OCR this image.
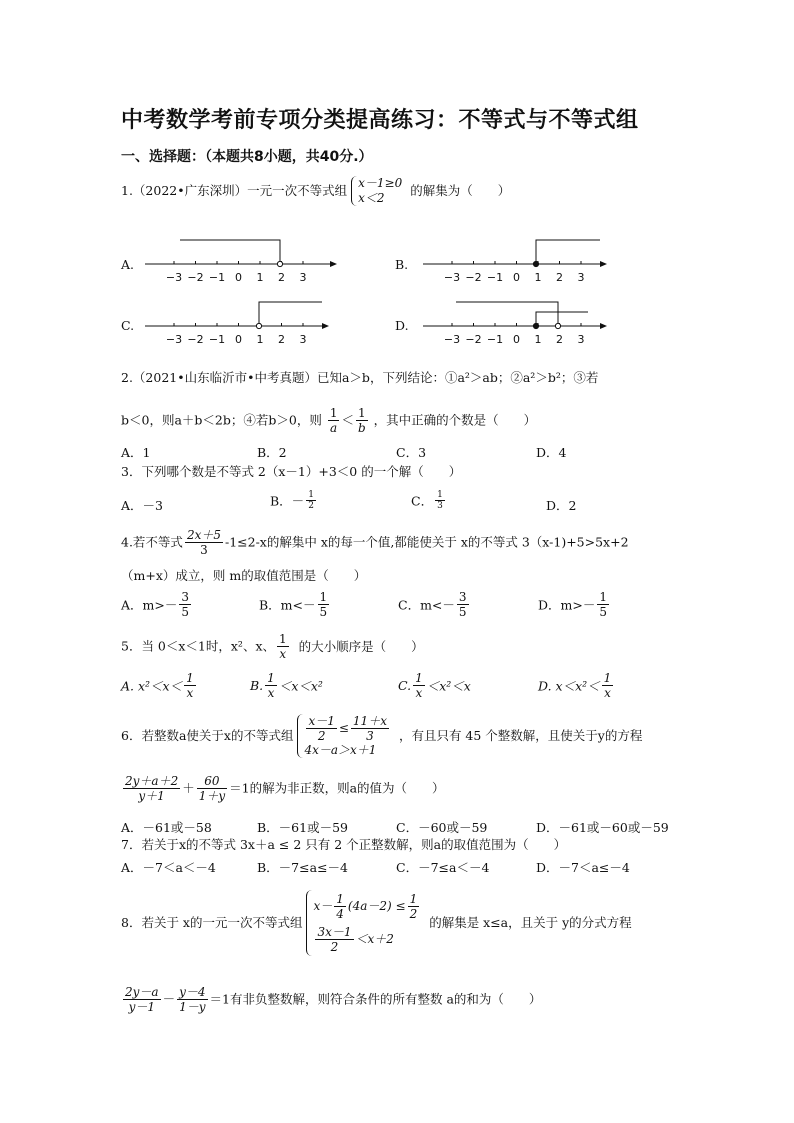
中考数学考前专项分类提高练习：不等式与不等式组
一、选择题：（本题共8小题，共40分.）
1.（2022•广东深圳）一元一次不等式组 x－1≥0
x＜2	的解集为（　　）
A.	B.
C.	D.
−3 −2 −1 0 1 2 3	−3 −2 −1 0 1 2 3
−3 −2 −1 0 1 2 3	−3 −2 −1 0 1 2 3
2.（2021•山东临沂市•中考真题）已知a＞b，下列结论：①a²＞ab；②a²＞b²；③若
b＜0，则a＋b＜2b；④若b＞0，则 $\frac{1}{a} < \frac{1}{b}$ ，其中正确的个数是（　　）
A．1	B．2	C．3	D．4
3．下列哪个数是不等式 2（x－1）+3＜0 的一个解（　　）
A．－3	B．－ $\frac{1}{2}$	C． $\frac{1}{3}$	D．2
4.若不等式 $\frac{2x+5}{3} -1\le 2-x$的解集中 x的每一个值,都能使关于 x的不等式 3（x-1)+5>5x+2
（m+x）成立，则 m的取值范围是（　　）
A．$m>- \frac{3}{5}$	B．$m<- \frac{1}{5}$	C．$m<- \frac{3}{5}$	D．$m>- \frac{1}{5}$
5．当 0＜x＜1时，x²、x、 $\frac{1}{x}$ 的大小顺序是（　　）
A. $x^2<x< \frac{1}{x}$	B. $\frac{1}{x} <x<x^2$	C. $\frac{1}{x} <x^2<x$	D. $x<x^2< \frac{1}{x}$
6．若整数a使关于x的不等式组 $\frac{x-1}{2} \le \frac{11+x}{3}$
4x－a＞x＋1
，有且只有 45 个整数解，且使关于y的方程
$\frac{2y+a+2}{y+1} + \frac{60}{1+y} =1$的解为非正数，则a的值为（　　）
A．－61或－58	B．－61或－59	C．－60或－59	D．－61或－60或－59
7．若关于x的不等式 3x＋a ≤ 2 只有 2 个正整数解，则a的取值范围为（　　）
A．－7＜a＜－4	B．－7≤a≤－4	C．－7≤a＜－4	D．－7＜a≤－4
8．若关于 x的一元一次不等式组
$x- \frac{1}{4} (4a-2) \le \frac{1}{2}$
$\frac{3x-1}{2} <x+2$
的解集是 x≤a，且关于 y的分式方程
$\frac{2y-a}{y-1} - \frac{y-4}{1-y} =1$有非负整数解，则符合条件的所有整数 a的和为（　　）
